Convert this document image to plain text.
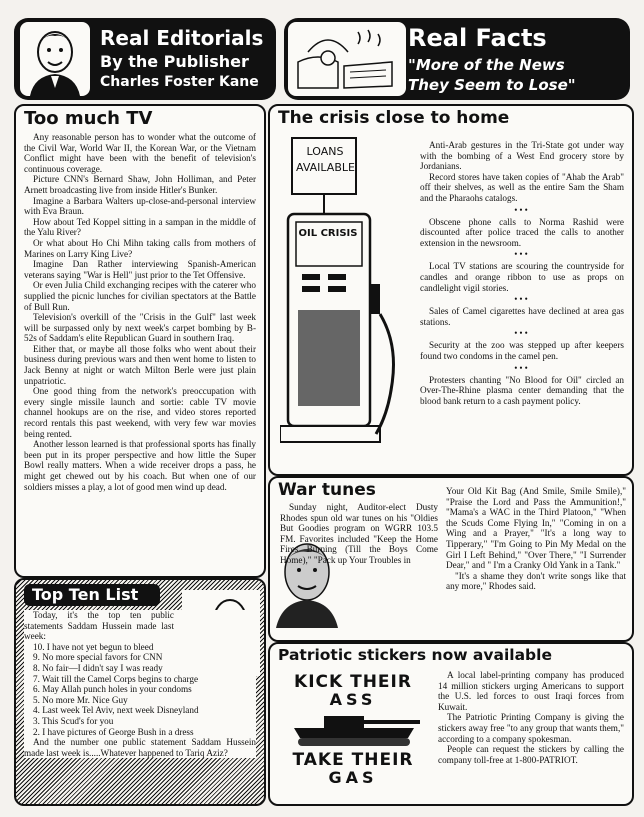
Real Editorials
By the Publisher
Charles Foster Kane
Real Facts
"More of the News
They Seem to Lose"
Too much TV

Any reasonable person has to wonder what the outcome of the Civil War, World War II, the Korean War, or the Vietnam Conflict might have been with the benefit of television's continuous coverage.

Picture CNN's Bernard Shaw, John Holliman, and Peter Arnett broadcasting live from inside Hitler's Bunker.

Imagine a Barbara Walters up-close-and-personal interview with Eva Braun.

How about Ted Koppel sitting in a sampan in the middle of the Yalu River?

Or what about Ho Chi Mihn taking calls from mothers of Marines on Larry King Live?

Imagine Dan Rather interviewing Spanish-American veterans saying "War is Hell" just prior to the Tet Offensive.

Or even Julia Child exchanging recipes with the caterer who supplied the picnic lunches for civilian spectators at the Battle of Bull Run.

Television's overkill of the "Crisis in the Gulf" last week will be surpassed only by next week's carpet bombing by B-52s of Saddam's elite Republican Guard in southern Iraq.

Either that, or maybe all those folks who went about their business during previous wars and then went home to listen to Jack Benny at night or watch Milton Berle were just plain unpatriotic.

One good thing from the network's preoccupation with every single missile launch and sortie: cable TV movie channel hookups are on the rise, and video stores reported record rentals this past weekend, with very few war movies being rented.

Another lesson learned is that professional sports has finally been put in its proper perspective and how little the Super Bowl really matters. When a wide receiver drops a pass, he might get chewed out by his coach. But when one of our soldiers misses a play, a lot of good men wind up dead.

Top Ten List

Today, it's the top ten public statements Saddam Hussein made last week:

10. I have not yet begun to bleed
9. No more special favors for CNN
8. No fair—I didn't say I was ready
7. Wait till the Camel Corps begins to charge
6. May Allah punch holes in your condoms
5. No more Mr. Nice Guy
4. Last week Tel Aviv, next week Disneyland
3. This Scud's for you
2. I have pictures of George Bush in a dress

And the number one public statement Saddam Hussein made last week is.....Whatever happened to Tariq Aziz?

The crisis close to home
LOANS AVAILABLE
OIL CRISIS

Anti-Arab gestures in the Tri-State got under way with the bombing of a West End grocery store by Jordanians.

Record stores have taken copies of "Ahab the Arab" off their shelves, as well as the entire Sam the Sham and the Pharaohs catalogs.

•••

Obscene phone calls to Norma Rashid were discounted after police traced the calls to another extension in the newsroom.

•••

Local TV stations are scouring the countryside for candles and orange ribbon to use as props on candlelight vigil stories.

•••

Sales of Camel cigarettes have declined at area gas stations.

•••

Security at the zoo was stepped up after keepers found two condoms in the camel pen.

•••

Protesters chanting "No Blood for Oil" circled an Over-The-Rhine plasma center demanding that the blood bank return to a cash payment policy.

War tunes
Sunday night, Auditor-elect Dusty Rhodes spun old war tunes on his "Oldies But Goodies program on WGRR 103.5 FM. Favorites included "Keep the Home Fires Burning (Till the Boys Come Home)," "Pack up Your Troubles in

Your Old Kit Bag (And Smile, Smile Smile)," "Praise the Lord and Pass the Ammunition!," "Mama's a WAC in the Third Platoon," "When the Scuds Come Flying In," "Coming in on a Wing and a Prayer," "It's a long way to Tipperary," "I'm Going to Pin My Medal on the Girl I Left Behind," "Over There," "I Surrender Dear," and " I'm a Cranky Old Yank in a Tank."

"It's a shame they don't write songs like that any more," Rhodes said.

Patriotic stickers now available
KICK THEIR
ASS
TAKE THEIR
GAS

A local label-printing company has produced 14 million stickers urging Americans to support the U.S. led forces to oust Iraqi forces from Kuwait.

The Patriotic Printing Company is giving the stickers away free "to any group that wants them," according to a company spokesman.

People can request the stickers by calling the company toll-free at 1-800-PATRIOT.
